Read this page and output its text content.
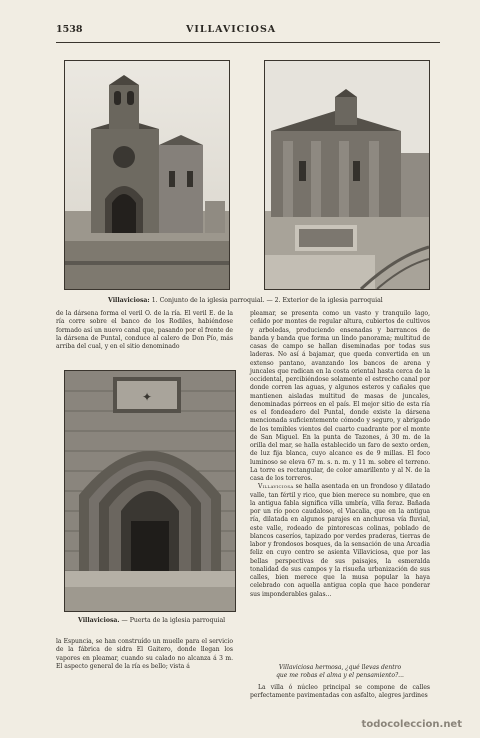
1538	VILLAVICIOSA
Villaviciosa: 1. Conjunto de la iglesia parroquial. — 2. Exterior de la iglesia parroquial

de la dársena forma el veril O. de la ría. El veril E. de la ría corre sobre el banco de los Rodiles, habiéndose formado así un nuevo canal que, pasando por el frente de la dársena de Puntal, conduce al calero de Don Pío, más arriba del cual, y en el sitio denominado

✦
Villaviciosa. — Puerta de la iglesia parroquial

la Espuncia, se han construído un muelle para el servicio de la fábrica de sidra El Gaitero, donde llegan los vapores en pleamar, cuando su calado no alcanza á 3 m. El aspecto general de la ría es bello; vista á

pleamar, se presenta como un vasto y tranquilo lago, ceñido por montes de regular altura, cubiertos de cultivos y arboledas, produciendo ensenadas y barrancos de banda y banda que forma un lindo panorama; multitud de casas de campo se hallan diseminadas por todas sus laderas. No así á bajamar, que queda convertida en un extenso pantano, avanzando los bancos de arena y juncales que radican en la costa oriental hasta cerca de la occidental, percibiéndose solamente el estrecho canal por donde corren las aguas, y algunos esteros y cañales que mantienen aisladas multitud de masas de juncales, denominadas pórreos en el país. El mejor sitio de esta ría es el fondeadero del Puntal, donde existe la dársena mencionada suficientemente cómodo y seguro, y abrigado de los temibles vientos del cuarto cuadrante por el monte de San Miguel. En la punta de Tazones, á 30 m. de la orilla del mar, se halla establecido un faro de sexto orden, de luz fija blanca, cuyo alcance es de 9 millas. El foco luminoso se eleva 67 m. s. n. m. y 11 m. sobre el terreno. La torre es rectangular, de color amarillento y al N. de la casa de los torreros.

Villaviciosa se halla asentada en un frondoso y dilatado valle, tan fértil y rico, que bien merece su nombre, que en la antigua fabla significa villa umbría, villa feraz. Bañada por un río poco caudaloso, el Viacalia, que en la antigua ría, dilatada en algunos parajes en anchurosa vía fluvial, este valle, rodeado de pintorescas colinas, poblado de blancos caseríos, tapizado por verdes praderas, tierras de labor y frondosos bosques, da la sensación de una Arcadia feliz en cuyo centro se asienta Villaviciosa, que por las bellas perspectivas de sus paisajes, la esmeralda tonalidad de sus campos y la risueña urbanización de sus calles, bien merece que la musa popular la haya celebrado con aquella antigua copla que hace ponderar sus imponderables galas...

Villaviciosa hermosa, ¿qué llevas dentro
que me robas el alma y el pensamiento?...

La villa ó núcleo principal se compone de calles perfectamente pavimentadas con asfalto, alegres jardines

todocoleccion.net
